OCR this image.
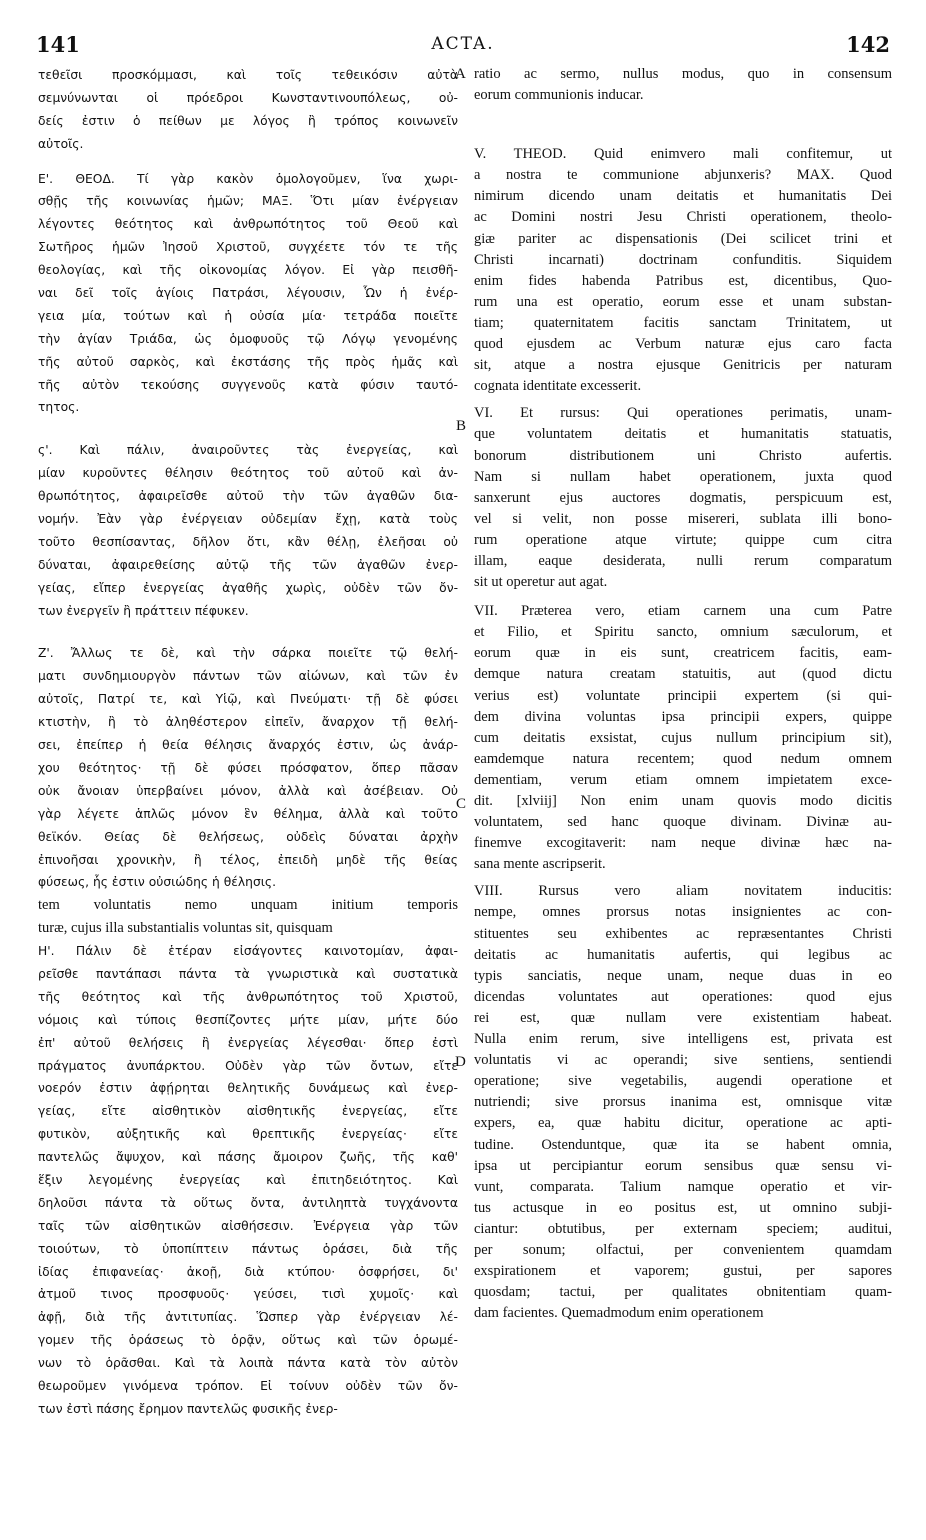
141	ACTA.	142
A
B
C
D
τεθεῖσι προσκόμμασι, καὶ τοῖς τεθεικόσιν αὐτὰ
σεμνύνωνται οἱ πρόεδροι Κωνσταντινουπόλεως, οὐ-
δείς ἐστιν ὁ πείθων με λόγος ἢ τρόπος κοινωνεῖν
αὐτοῖς.
Ε'. ΘΕΟΔ. Τί γὰρ κακὸν ὁμολογοῦμεν, ἵνα χωρι-
σθῇς τῆς κοινωνίας ἡμῶν; ΜΑΞ. Ὅτι μίαν ἐνέργειαν
λέγοντες θεότητος καὶ ἀνθρωπότητος τοῦ Θεοῦ καὶ
Σωτῆρος ἡμῶν Ἰησοῦ Χριστοῦ, συγχέετε τόν τε τῆς
θεολογίας, καὶ τῆς οἰκονομίας λόγον. Εἰ γὰρ πεισθῆ-
ναι δεῖ τοῖς ἁγίοις Πατράσι, λέγουσιν, Ὧν ἡ ἐνέρ-
γεια μία, τούτων καὶ ἡ οὐσία μία· τετράδα ποιεῖτε
τὴν ἁγίαν Τριάδα, ὡς ὁμοφυοῦς τῷ Λόγῳ γενομένης
τῆς αὐτοῦ σαρκὸς, καὶ ἐκστάσης τῆς πρὸς ἡμᾶς καὶ
τῆς αὐτὸν τεκούσης συγγενοῦς κατὰ φύσιν ταυτό-
τητος.
ς'. Καὶ πάλιν, ἀναιροῦντες τὰς ἐνεργείας, καὶ
μίαν κυροῦντες θέλησιν θεότητος τοῦ αὐτοῦ καὶ ἀν-
θρωπότητος, ἀφαιρεῖσθε αὐτοῦ τὴν τῶν ἀγαθῶν δια-
νομήν. Ἐὰν γὰρ ἐνέργειαν οὐδεμίαν ἔχῃ, κατὰ τοὺς
τοῦτο θεσπίσαντας, δῆλον ὅτι, κἂν θέλῃ, ἐλεῆσαι οὐ
δύναται, ἀφαιρεθείσης αὐτῷ τῆς τῶν ἀγαθῶν ἐνερ-
γείας, εἴπερ ἐνεργείας ἀγαθῆς χωρὶς, οὐδὲν τῶν ὄν-
των ἐνεργεῖν ἢ πράττειν πέφυκεν.
Ζ'. Ἄλλως τε δὲ, καὶ τὴν σάρκα ποιεῖτε τῷ θελή-
ματι συνδημιουργὸν πάντων τῶν αἰώνων, καὶ τῶν ἐν
αὐτοῖς, Πατρί τε, καὶ Υἱῷ, καὶ Πνεύματι· τῇ δὲ φύσει
κτιστὴν, ἢ τὸ ἀληθέστερον εἰπεῖν, ἄναρχον τῇ θελή-
σει, ἐπείπερ ἡ θεία θέλησις ἄναρχός ἐστιν, ὡς ἀνάρ-
χου θεότητος· τῇ δὲ φύσει πρόσφατον, ὅπερ πᾶσαν
οὐκ ἄνοιαν ὑπερβαίνει μόνον, ἀλλὰ καὶ ἀσέβειαν. Οὐ
γὰρ λέγετε ἁπλῶς μόνον ἓν θέλημα, ἀλλὰ καὶ τοῦτο
θεϊκόν. Θείας δὲ θελήσεως, οὐδεὶς δύναται ἀρχὴν
ἐπινοῆσαι χρονικὴν, ἢ τέλος, ἐπειδὴ μηδὲ τῆς θείας
φύσεως, ἧς ἐστιν οὐσιώδης ἡ θέλησις.
tem voluntatis nemo unquam initium temporis
turæ, cujus illa substantialis voluntas sit, quisquam
Η'. Πάλιν δὲ ἑτέραν εἰσάγοντες καινοτομίαν, ἀφαι-
ρεῖσθε παντάπασι πάντα τὰ γνωριστικὰ καὶ συστατικὰ
τῆς θεότητος καὶ τῆς ἀνθρωπότητος τοῦ Χριστοῦ,
νόμοις καὶ τύποις θεσπίζοντες μήτε μίαν, μήτε δύο
ἐπ' αὐτοῦ θελήσεις ἢ ἐνεργείας λέγεσθαι· ὅπερ ἐστὶ
πράγματος ἀνυπάρκτου. Οὐδὲν γὰρ τῶν ὄντων, εἴτε
νοερόν ἐστιν ἀφῄρηται θελητικῆς δυνάμεως καὶ ἐνερ-
γείας, εἴτε αἰσθητικὸν αἰσθητικῆς ἐνεργείας, εἴτε
φυτικὸν, αὐξητικῆς καὶ θρεπτικῆς ἐνεργείας· εἴτε
παντελῶς ἄψυχον, καὶ πάσης ἄμοιρον ζωῆς, τῆς καθ'
ἕξιν λεγομένης ἐνεργείας καὶ ἐπιτηδειότητος. Καὶ
δηλοῦσι πάντα τὰ οὕτως ὄντα, ἀντιληπτὰ τυγχάνοντα
ταῖς τῶν αἰσθητικῶν αἰσθήσεσιν. Ἐνέργεια γὰρ τῶν
τοιούτων, τὸ ὑποπίπτειν πάντως ὁράσει, διὰ τῆς
ἰδίας ἐπιφανείας· ἀκοῇ, διὰ κτύπου· ὀσφρήσει, δι'
ἀτμοῦ τινος προσφυοῦς· γεύσει, τισὶ χυμοῖς· καὶ
ἀφῇ, διὰ τῆς ἀντιτυπίας. Ὥσπερ γὰρ ἐνέργειαν λέ-
γομεν τῆς ὁράσεως τὸ ὁρᾷν, οὕτως καὶ τῶν ὁρωμέ-
νων τὸ ὁρᾶσθαι. Καὶ τὰ λοιπὰ πάντα κατὰ τὸν αὐτὸν
θεωροῦμεν γινόμενα τρόπον. Εἰ τοίνυν οὐδὲν τῶν ὄν-
των ἐστὶ πάσης ἔρημον παντελῶς φυσικῆς ἐνερ-
ratio ac sermo, nullus modus, quo in consensum
eorum communionis inducar.
V. THEOD. Quid enimvero mali confitemur, ut
a nostra te communione abjunxeris? MAX. Quod
nimirum dicendo unam deitatis et humanitatis Dei
ac Domini nostri Jesu Christi operationem, theolo-
giæ pariter ac dispensationis (Dei scilicet trini et
Christi incarnati) doctrinam confunditis. Siquidem
enim fides habenda Patribus est, dicentibus, Quo-
rum una est operatio, eorum esse et unam substan-
tiam; quaternitatem facitis sanctam Trinitatem, ut
quod ejusdem ac Verbum naturæ ejus caro facta
sit, atque a nostra ejusque Genitricis per naturam
cognata identitate excesserit.
VI. Et rursus: Qui operationes perimatis, unam-
que voluntatem deitatis et humanitatis statuatis,
bonorum distributionem uni Christo aufertis.
Nam si nullam habet operationem, juxta quod
sanxerunt ejus auctores dogmatis, perspicuum est,
vel si velit, non posse misereri, sublata illi bono-
rum operatione atque virtute; quippe cum citra
illam, eaque desiderata, nulli rerum comparatum
sit ut operetur aut agat.
VII. Præterea vero, etiam carnem una cum Patre
et Filio, et Spiritu sancto, omnium sæculorum, et
eorum quæ in eis sunt, creatricem facitis, eam-
demque natura creatam statuitis, aut (quod dictu
verius est) voluntate principii expertem (si qui-
dem divina voluntas ipsa principii expers, quippe
cum deitatis exsistat, cujus nullum principium sit),
eamdemque natura recentem; quod nedum omnem
dementiam, verum etiam omnem impietatem exce-
dit. [xlviij] Non enim unam quovis modo dicitis
voluntatem, sed hanc quoque divinam. Divinæ au-
finemve excogitaverit: nam neque divinæ hæc na-
sana mente ascripserit.
VIII. Rursus vero aliam novitatem inducitis:
nempe, omnes prorsus notas insignientes ac con-
stituentes seu exhibentes ac repræsentantes Christi
deitatis ac humanitatis aufertis, qui legibus ac
typis sanciatis, neque unam, neque duas in eo
dicendas voluntates aut operationes: quod ejus
rei est, quæ nullam vere existentiam habeat.
Nulla enim rerum, sive intelligens est, privata est
voluntatis vi ac operandi; sive sentiens, sentiendi
operatione; sive vegetabilis, augendi operatione et
nutriendi; sive prorsus inanima est, omnisque vitæ
expers, ea, quæ habitu dicitur, operatione ac apti-
tudine. Ostenduntque, quæ ita se habent omnia,
ipsa ut percipiantur eorum sensibus quæ sensu vi-
vunt, comparata. Talium namque operatio et vir-
tus actusque in eo positus est, ut omnino subji-
ciantur: obtutibus, per externam speciem; auditui,
per sonum; olfactui, per convenientem quamdam
exspirationem et vaporem; gustui, per sapores
quosdam; tactui, per qualitates obnitentiam quam-
dam facientes. Quemadmodum enim operationem
